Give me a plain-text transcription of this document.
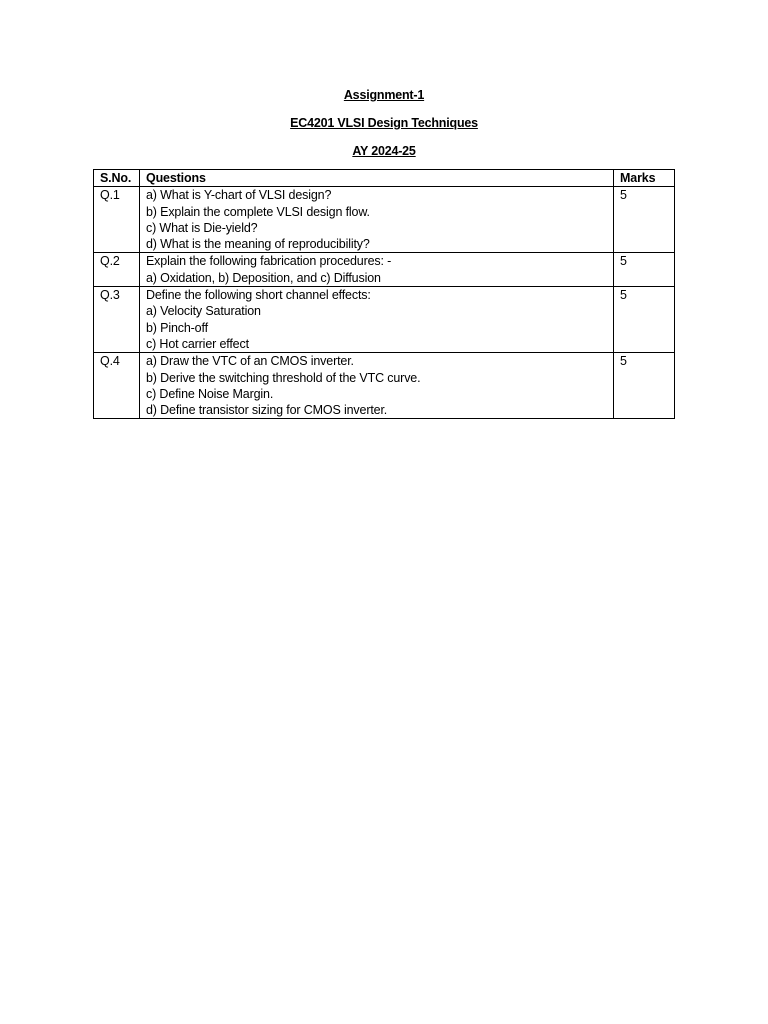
Assignment-1
EC4201 VLSI Design Techniques
AY 2024-25
S.No.	Questions	Marks
Q.1	a) What is Y-chart of VLSI design?
b) Explain the complete VLSI design flow.
c) What is Die-yield?
d) What is the meaning of reproducibility?	5
Q.2	Explain the following fabrication procedures: -
a) Oxidation, b) Deposition, and c) Diffusion	5
Q.3	Define the following short channel effects:
a) Velocity Saturation
b) Pinch-off
c) Hot carrier effect	5
Q.4	a) Draw the VTC of an CMOS inverter.
b) Derive the switching threshold of the VTC curve.
c) Define Noise Margin.
d) Define transistor sizing for CMOS inverter.	5
